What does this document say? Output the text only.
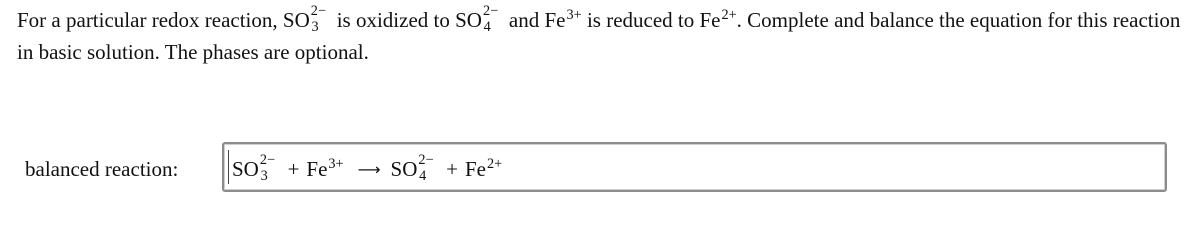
For a particular redox reaction, SO 2−
3 is oxidized to SO 2−
4 and $Fe^{3+}$ is reduced to $Fe^{2+}$. Complete and balance the equation for this reaction in basic solution. The phases are optional.
balanced reaction:	SO 2−
$3 + Fe^{3+}$ ⟶ SO 2−
$4 + Fe^{2+}$
